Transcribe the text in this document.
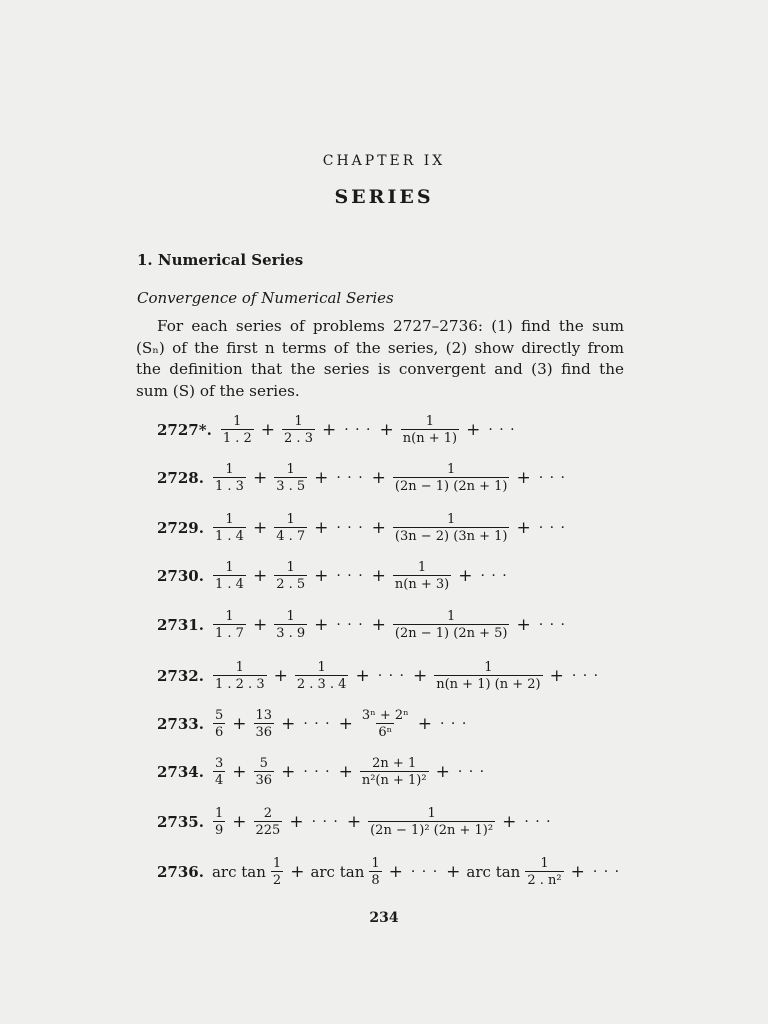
CHAPTER IX
SERIES
1. Numerical Series
Convergence of Numerical Series
For each series of problems 2727–2736: (1) find the sum (Sₙ) of the first n terms of the series, (2) show directly from the definition that the series is convergent and (3) find the sum (S) of the series.
2727*. $\frac{1}{1 . 2} + \frac{1}{2 . 3}$ + · · · + $\frac{1}{n(n + 1)}$ + · · ·
2728. $\frac{1}{1 . 3} + \frac{1}{3 . 5}$ + · · · + $\frac{1}{(2n - 1) (2n + 1)}$ + · · ·
2729. $\frac{1}{1 . 4} + \frac{1}{4 . 7}$ + · · · + $\frac{1}{(3n - 2) (3n + 1)}$ + · · ·
2730. $\frac{1}{1 . 4} + \frac{1}{2 . 5}$ + · · · + $\frac{1}{n(n + 3)}$ + · · ·
2731. $\frac{1}{1 . 7} + \frac{1}{3 . 9}$ + · · · + $\frac{1}{(2n - 1) (2n + 5)}$ + · · ·
2732. $\frac{1}{1 . 2 . 3} + \frac{1}{2 . 3 . 4}$ + · · · + $\frac{1}{n(n + 1) (n + 2)}$ + · · ·
2733. $\frac{5}{6} + \frac{13}{36}$ + · · · + $\frac{\text{3ⁿ + 2ⁿ}}{\text{6ⁿ}}$ + · · ·
2734. $\frac{3}{4} + \frac{5}{36}$ + · · · + $\frac{2n + 1}{\text{n²(n + 1)²}}$ + · · ·
2735. $\frac{1}{9} + \frac{2}{225}$ + · · · + $\frac{1}{\text{(2n − 1)² (2n + 1)²}}$ + · · ·
2736. arc $\tan \frac{1}{2}$ + arc $\tan \frac{1}{8}$ + · · · + arc $\tan \frac{1}{\text{2 . n²}}$ + · · ·
234
